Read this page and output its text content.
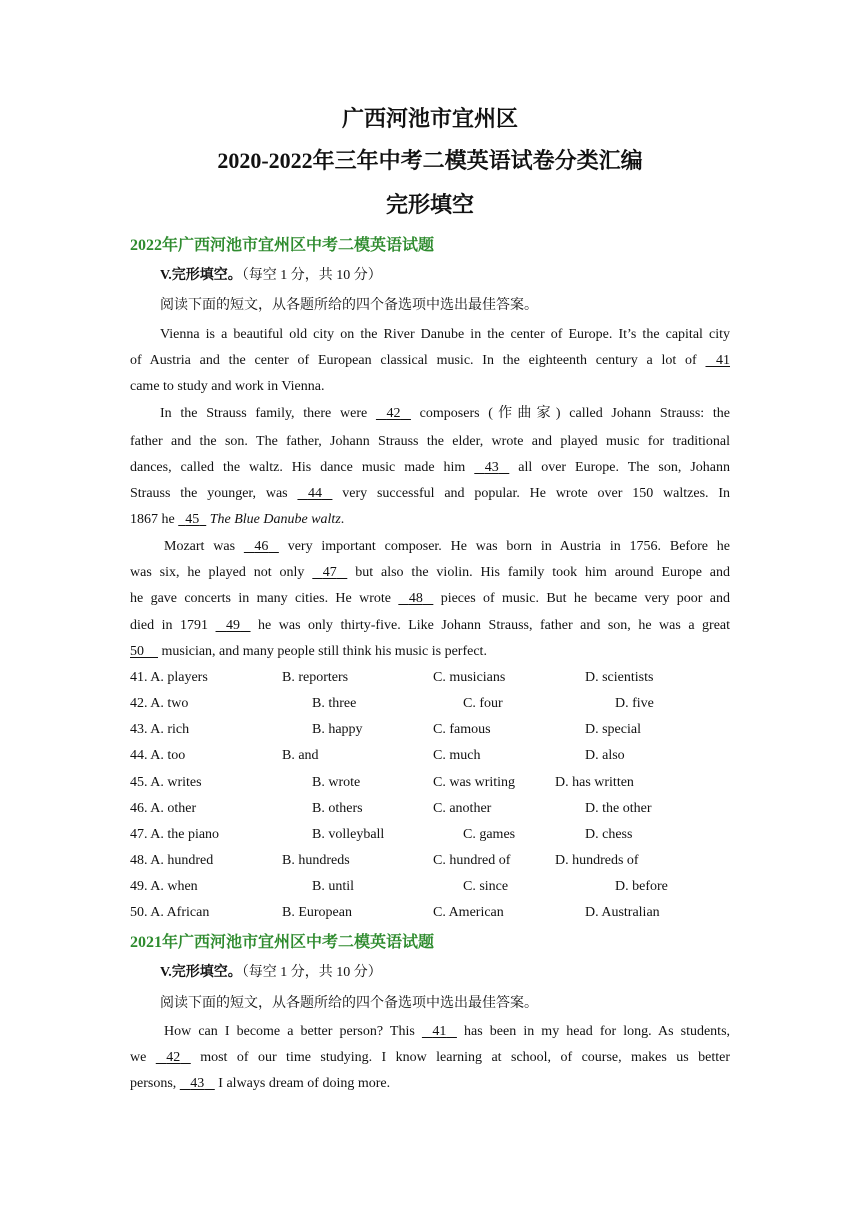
广西河池市宜州区
2020-2022年三年中考二模英语试卷分类汇编
完形填空
2022年广西河池市宜州区中考二模英语试题
V.完形填空。（每空 1 分，共 10 分）
阅读下面的短文，从各题所给的四个备选项中选出最佳答案。
Vienna is a beautiful old city on the River Danube in the center of Europe. It’s the capital city
of Austria and the center of European classical music. In the eighteenth century a lot of 41
came to study and work in Vienna.
In the Strauss family, there were 42 composers (作曲家) called Johann Strauss: the
father and the son. The father, Johann Strauss the elder, wrote and played music for traditional
dances, called the waltz. His dance music made him 43 all over Europe. The son, Johann
Strauss the younger, was 44 very successful and popular. He wrote over 150 waltzes. In
1867 he 45 The Blue Danube waltz.
Mozart was 46 very important composer. He was born in Austria in 1756. Before he
was six, he played not only 47 but also the violin. His family took him around Europe and
he gave concerts in many cities. He wrote 48 pieces of music. But he became very poor and
died in 1791 49 he was only thirty-five. Like Johann Strauss, father and son, he was a great
50 musician, and many people still think his music is perfect.
41. A. players	B. reporters	C. musicians	D. scientists
42. A. two	B. three	C. four	D. five
43. A. rich	B. happy	C. famous	D. special
44. A. too	B. and	C. much	D. also
45. A. writes	B. wrote	C. was writing	D. has written
46. A. other	B. others	C. another	D. the other
47. A. the piano	B. volleyball	C. games	D. chess
48. A. hundred	B. hundreds	C. hundred of	D. hundreds of
49. A. when	B. until	C. since	D. before
50. A. African	B. European	C. American	D. Australian
2021年广西河池市宜州区中考二模英语试题
V.完形填空。（每空 1 分，共 10 分）
阅读下面的短文，从各题所给的四个备选项中选出最佳答案。
How can I become a better person? This 41 has been in my head for long. As students,
we 42 most of our time studying. I know learning at school, of course, makes us better
persons, 43 I always dream of doing more.
